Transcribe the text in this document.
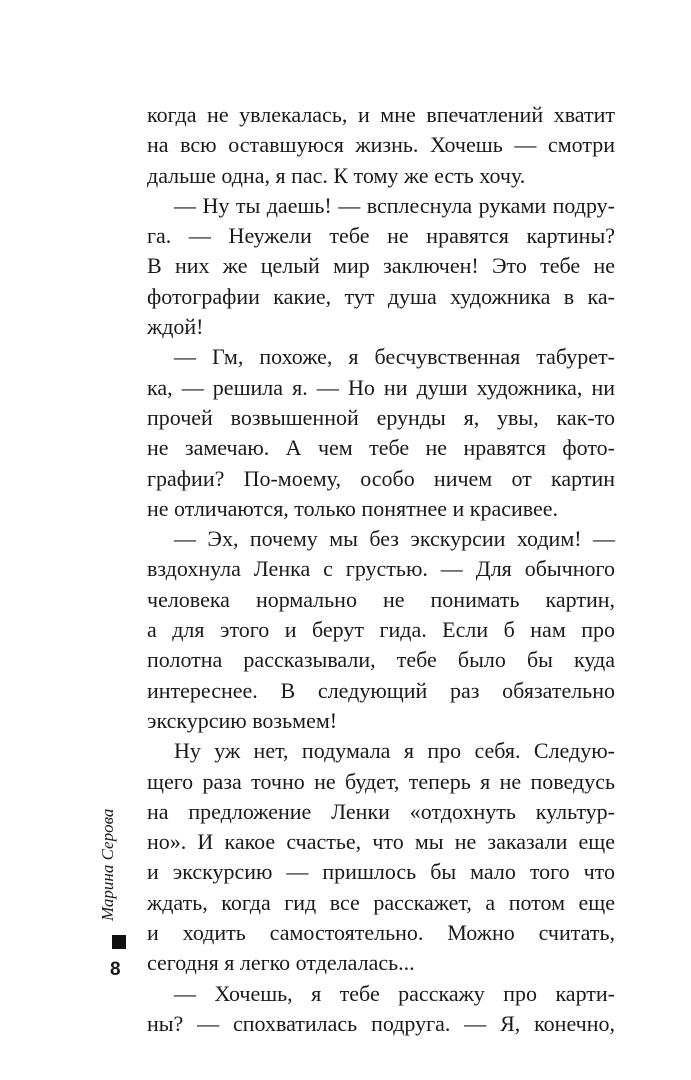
когда не увлекалась, и мне впечатлений хватит
на всю оставшуюся жизнь. Хочешь — смотри
дальше одна, я пас. К тому же есть хочу.
— Ну ты даешь! — всплеснула руками подру-
га. — Неужели тебе не нравятся картины?
В них же целый мир заключен! Это тебе не
фотографии какие, тут душа художника в ка-
ждой!
— Гм, похоже, я бесчувственная табурет-
ка, — решила я. — Но ни души художника, ни
прочей возвышенной ерунды я, увы, как-то
не замечаю. А чем тебе не нравятся фото-
графии? По-моему, особо ничем от картин
не отличаются, только понятнее и красивее.
— Эх, почему мы без экскурсии ходим! —
вздохнула Ленка с грустью. — Для обычного
человека нормально не понимать картин,
а для этого и берут гида. Если б нам про
полотна рассказывали, тебе было бы куда
интереснее. В следующий раз обязательно
экскурсию возьмем!
Ну уж нет, подумала я про себя. Следую-
щего раза точно не будет, теперь я не поведусь
на предложение Ленки «отдохнуть культур-
но». И какое счастье, что мы не заказали еще
и экскурсию — пришлось бы мало того что
ждать, когда гид все расскажет, а потом еще
и ходить самостоятельно. Можно считать,
сегодня я легко отделалась...
— Хочешь, я тебе расскажу про карти-
ны? — спохватилась подруга. — Я, конечно,
Марина Серова
8
